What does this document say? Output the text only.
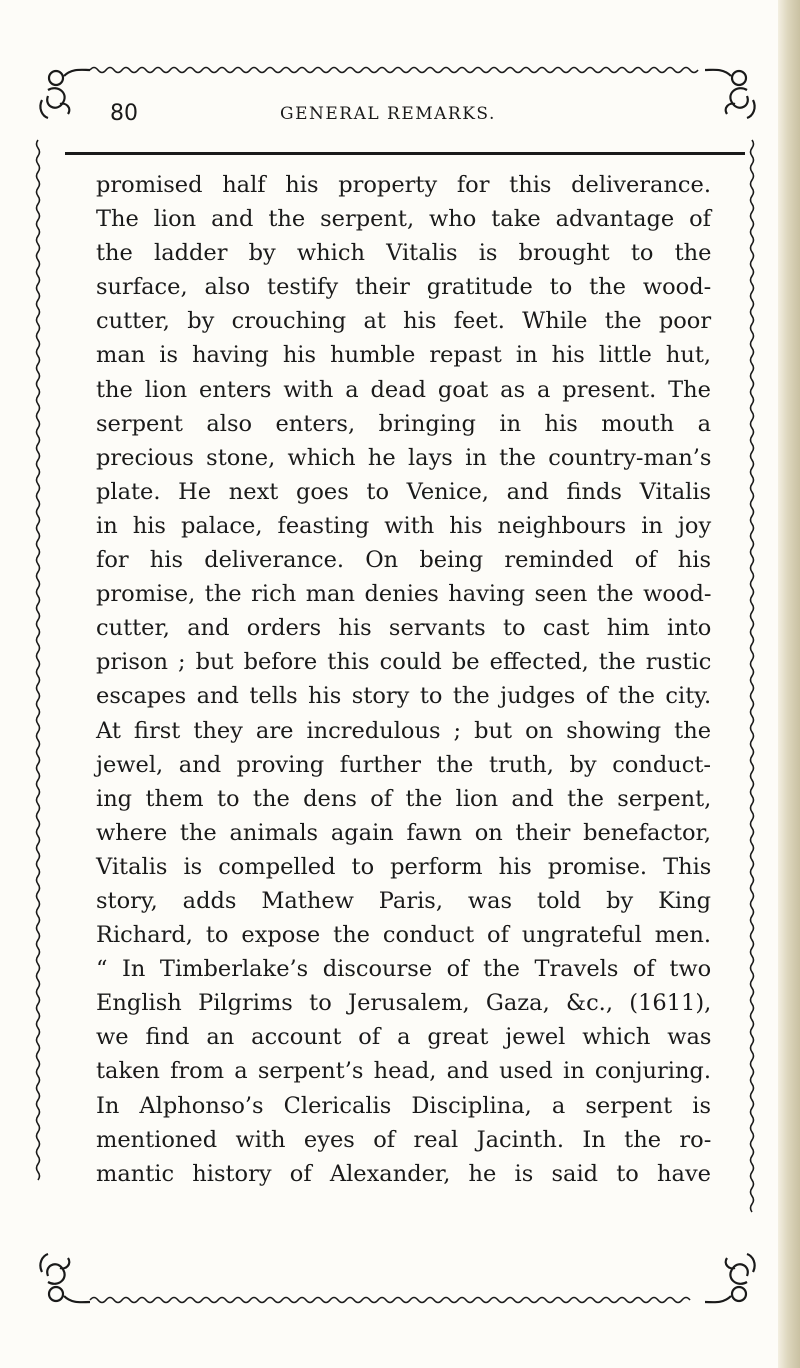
80	GENERAL REMARKS.
promised half his property for this deliverance.
The lion and the serpent, who take advantage of
the ladder by which Vitalis is brought to the
surface, also testify their gratitude to the wood-
cutter, by crouching at his feet. While the poor
man is having his humble repast in his little hut,
the lion enters with a dead goat as a present. The
serpent also enters, bringing in his mouth a
precious stone, which he lays in the country-man’s
plate. He next goes to Venice, and finds Vitalis
in his palace, feasting with his neighbours in joy
for his deliverance. On being reminded of his
promise, the rich man denies having seen the wood-
cutter, and orders his servants to cast him into
prison ; but before this could be effected, the rustic
escapes and tells his story to the judges of the city.
At first they are incredulous ; but on showing the
jewel, and proving further the truth, by conduct-
ing them to the dens of the lion and the serpent,
where the animals again fawn on their benefactor,
Vitalis is compelled to perform his promise. This
story, adds Mathew Paris, was told by King
Richard, to expose the conduct of ungrateful men.
“ In Timberlake’s discourse of the Travels of two
English Pilgrims to Jerusalem, Gaza, &c., (1611),
we find an account of a great jewel which was
taken from a serpent’s head, and used in conjuring.
In Alphonso’s Clericalis Disciplina, a serpent is
mentioned with eyes of real Jacinth. In the ro-
mantic history of Alexander, he is said to have
